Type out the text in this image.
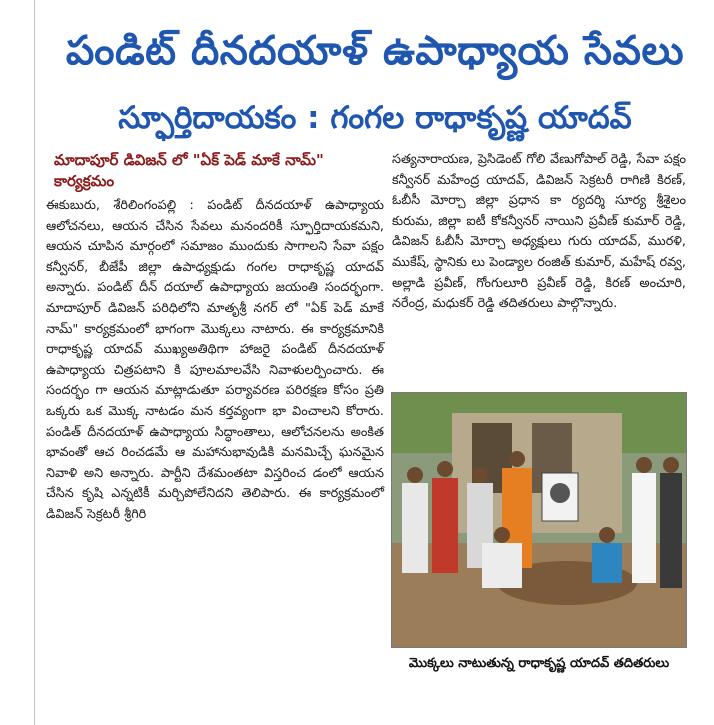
పండిట్ దీనదయాళ్ ఉపాధ్యాయ సేవలు
స్ఫూర్తిదాయకం : గంగల రాధాకృష్ణ యాదవ్
మాదాపూర్ డివిజన్ లో "ఏక్ పెడ్ మాకే నామ్" కార్యక్రమం

ఈకుబురు, శేరిలింగంపల్లి : పండిట్ దీనదయాళ్ ఉపాధ్యాయ ఆలోచనలు, ఆయన చేసిన సేవలు మనందరికీ స్ఫూర్తిదాయకమని, ఆయన చూపిన మార్గంలో సమాజం ముందుకు సాగాలని సేవా పక్షం కన్వీనర్, బీజేపీ జిల్లా ఉపాధ్యక్షుడు గంగల రాధాకృష్ణ యాదవ్ అన్నారు. పండిట్ దీన్ దయాల్ ఉపాధ్యాయ జయంతి సందర్భంగా. మాదాపూర్ డివిజన్ పరిధిలోని మాతృశ్రీ నగర్ లో "ఏక్ పెడ్ మాకే నామ్" కార్యక్రమంలో భాగంగా మొక్కలు నాటారు. ఈ కార్యక్రమానికి రాధాకృష్ణ యాదవ్ ముఖ్యఅతిథిగా హాజరై పండిట్ దీనదయాళ్ ఉపాధ్యాయ చిత్రపటాని కి పూలమాలవేసి నివాళులర్పించారు. ఈ సందర్భం గా ఆయన మాట్లాడుతూ పర్యావరణ పరిరక్షణ కోసం ప్రతి ఒక్కరు ఒక మొక్క నాటడం మన కర్తవ్యంగా భా వించాలని కోరారు. పండిత్ దీనదయాళ్ ఉపాధ్యాయ సిద్ధాంతాలు, ఆలోచనలను అంకిత భావంతో ఆచ రించడమే ఆ మహానుభావుడికి మనమిచ్చే ఘనమైన నివాళి అని అన్నారు. పార్టీని దేశమంతటా విస్తరించ డంలో ఆయన చేసిన కృషి ఎన్నటికీ మర్చిపోలేనిదని తెలిపారు. ఈ కార్యక్రమంలో డివిజన్ సెక్రటరీ శ్రీగిరి

సత్యనారాయణ, ప్రెసిడెంట్ గోలి వేణుగోపాల్ రెడ్డి, సేవా పక్షం కన్వీనర్ మహేంద్ర యాదవ్, డివిజన్ సెక్రటరీ రాగిణి కిరణ్, ఓబీసీ మోర్చా జిల్లా ప్రధాన కా ర్యదర్శి సూర్య శ్రీశైలం కురుమ, జిల్లా ఐటీ కోకన్వీనర్ నాయిని ప్రవీణ్ కుమార్ రెడ్డి, డివిజన్ ఓబీసీ మోర్చా అధ్యక్షులు గురు యాదవ్, మురళి, ముకేష్, స్థానికు లు పెండ్యాల రంజిత్ కుమార్, మహేష్ రవ్వ, అల్లాడి ప్రవీణ్, గోంగులూరి ప్రవీణ్ రెడ్డి, కిరణ్ అంచూరి, నరేంద్ర, మధుకర్ రెడ్డి తదితరులు పాల్గొన్నారు.

మొక్కలు నాటుతున్న రాధాకృష్ణ యాదవ్ తదితరులు
